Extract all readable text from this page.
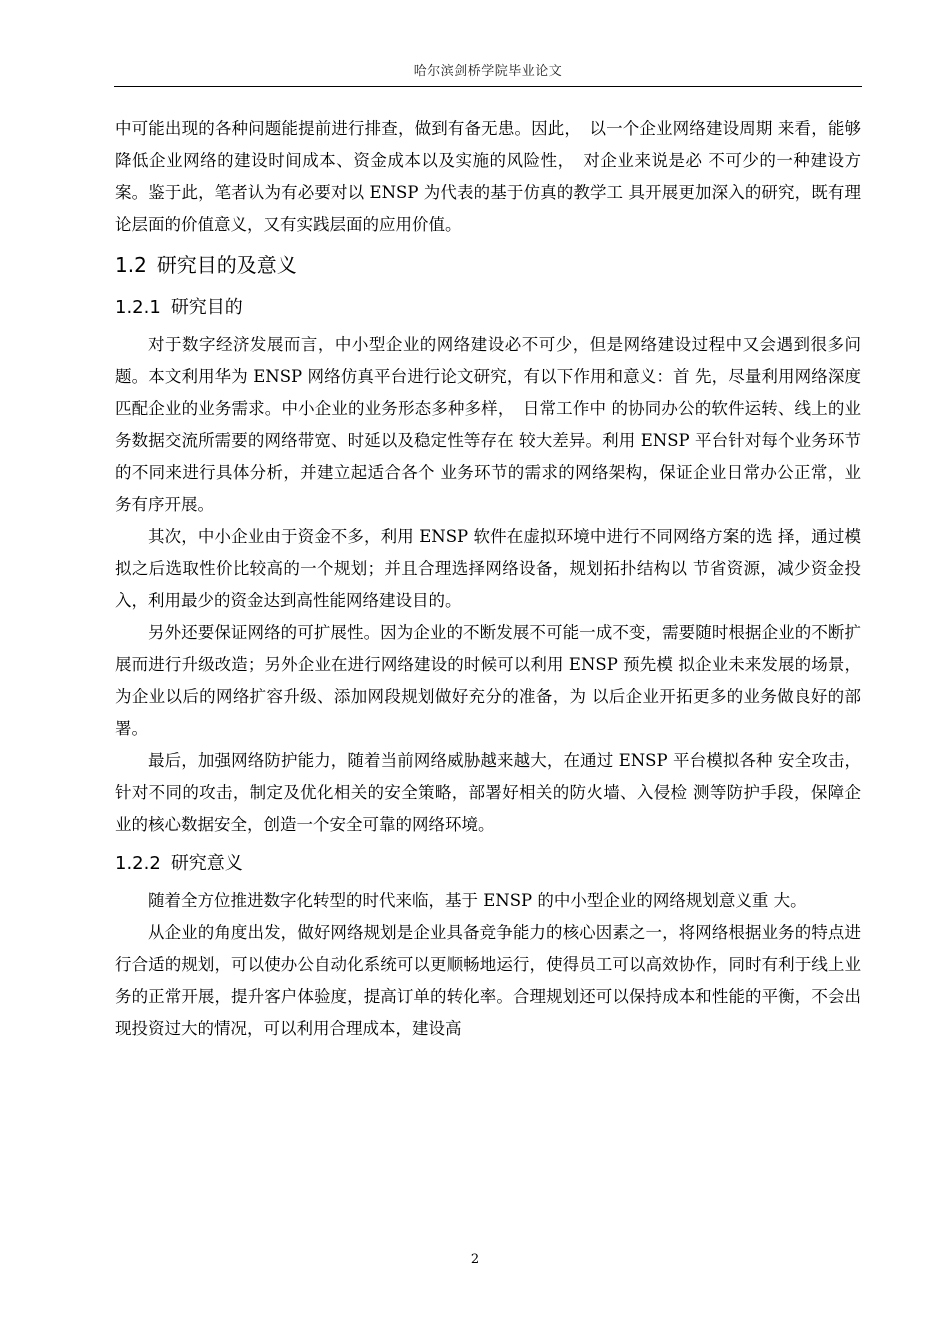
哈尔滨剑桥学院毕业论文

中可能出现的各种问题能提前进行排查，做到有备无患。因此，　以一个企业网络建设周期 来看，能够降低企业网络的建设时间成本、资金成本以及实施的风险性，　对企业来说是必 不可少的一种建设方案。鉴于此，笔者认为有必要对以 ENSP 为代表的基于仿真的教学工 具开展更加深入的研究，既有理论层面的价值意义，又有实践层面的应用价值。

1.2 研究目的及意义
1.2.1 研究目的

对于数字经济发展而言，中小型企业的网络建设必不可少，但是网络建设过程中又会遇到很多问题。本文利用华为 ENSP 网络仿真平台进行论文研究，有以下作用和意义：首 先，尽量利用网络深度匹配企业的业务需求。中小企业的业务形态多种多样，　日常工作中 的协同办公的软件运转、线上的业务数据交流所需要的网络带宽、时延以及稳定性等存在 较大差异。利用 ENSP 平台针对每个业务环节的不同来进行具体分析，并建立起适合各个 业务环节的需求的网络架构，保证企业日常办公正常，业务有序开展。

其次，中小企业由于资金不多，利用 ENSP 软件在虚拟环境中进行不同网络方案的选 择，通过模拟之后选取性价比较高的一个规划；并且合理选择网络设备，规划拓扑结构以 节省资源，减少资金投入，利用最少的资金达到高性能网络建设目的。

另外还要保证网络的可扩展性。因为企业的不断发展不可能一成不变，需要随时根据企业的不断扩展而进行升级改造；另外企业在进行网络建设的时候可以利用 ENSP 预先模 拟企业未来发展的场景，为企业以后的网络扩容升级、添加网段规划做好充分的准备，为 以后企业开拓更多的业务做良好的部署。

最后，加强网络防护能力，随着当前网络威胁越来越大，在通过 ENSP 平台模拟各种 安全攻击，针对不同的攻击，制定及优化相关的安全策略，部署好相关的防火墙、入侵检 测等防护手段，保障企业的核心数据安全，创造一个安全可靠的网络环境。

1.2.2 研究意义

随着全方位推进数字化转型的时代来临，基于 ENSP 的中小型企业的网络规划意义重 大。

从企业的角度出发，做好网络规划是企业具备竞争能力的核心因素之一，将网络根据业务的特点进行合适的规划，可以使办公自动化系统可以更顺畅地运行，使得员工可以高效协作，同时有利于线上业务的正常开展，提升客户体验度，提高订单的转化率。合理规划还可以保持成本和性能的平衡，不会出现投资过大的情况，可以利用合理成本，建设高

2
